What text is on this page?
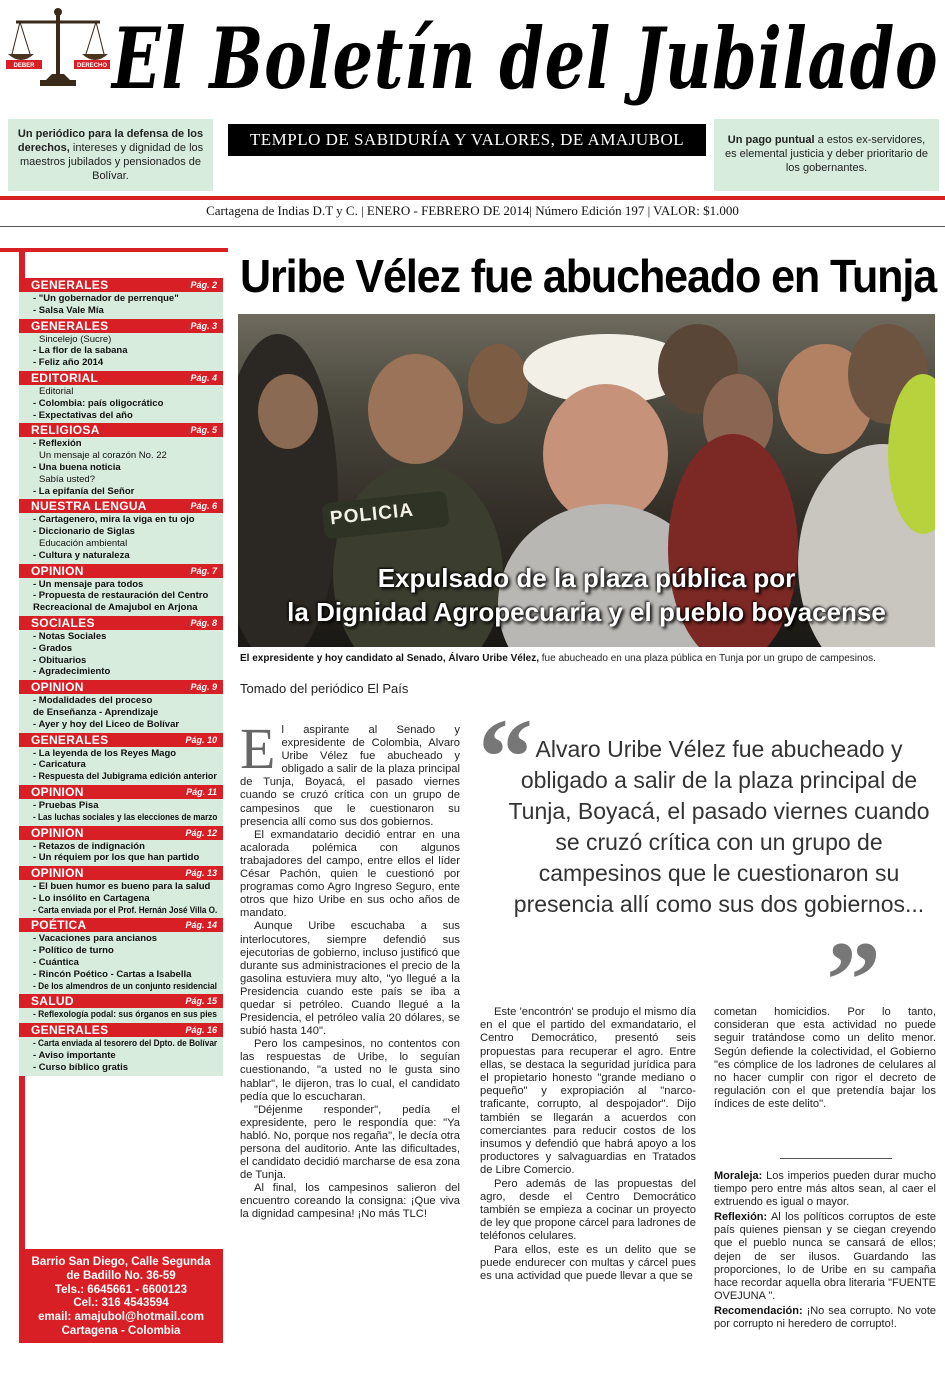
DEBER	DERECHO El Boletín del Jubilado
Un periódico para la defensa de los derechos, intereses y dignidad de los maestros jubilados y pensionados de Bolívar.
TEMPLO DE SABIDURÍA Y VALORES, DE AMAJUBOL	Un pago puntual a estos ex-servidores, es elemental justicia y deber prioritario de los gobernantes.
Cartagena de Indias D.T y C. | ENERO - FEBRERO DE 2014| Número Edición 197 | VALOR: $1.000
GENERALES	Pág. 2
- "Un gobernador de perrenque"
- Salsa Vale Mía
GENERALES	Pág. 3
Sincelejo (Sucre)
- La flor de la sabana
- Feliz año 2014
EDITORIAL	Pág. 4
Editorial
- Colombia: país oligocrático
- Expectativas del año
RELIGIOSA	Pág. 5
- Reflexión
Un mensaje al corazón No. 22
- Una buena noticia
Sabía usted?
- La epifanía del Señor
NUESTRA LENGUA	Pág. 6
- Cartagenero, mira la viga en tu ojo
- Diccionario de Siglas
Educación ambiental
- Cultura y naturaleza
OPINION	Pág. 7
- Un mensaje para todos
- Propuesta de restauración del Centro
Recreacional de Amajubol en Arjona
SOCIALES	Pág. 8
- Notas Sociales
- Grados
- Obituarios
- Agradecimiento
OPINION	Pág. 9
- Modalidades del proceso
de Enseñanza - Aprendizaje
- Ayer y hoy del Liceo de Bolívar
GENERALES	Pág. 10
- La leyenda de los Reyes Mago
- Caricatura
- Respuesta del Jubigrama edición anterior
OPINION	Pág. 11
- Pruebas Pisa
- Las luchas sociales y las elecciones de marzo
OPINION	Pág. 12
- Retazos de indignación
- Un réquiem por los que han partido
OPINION	Pág. 13
- El buen humor es bueno para la salud
- Lo insólito en Cartagena
- Carta enviada por el Prof. Hernán José Villa O.
POÉTICA	Pág. 14
- Vacaciones para ancianos
- Político de turno
- Cuántica
- Rincón Poético - Cartas a Isabella
- De los almendros de un conjunto residencial
SALUD	Pág. 15
- Reflexología podal: sus órganos en sus pies
GENERALES	Pág. 16
- Carta enviada al tesorero del Dpto. de Bolívar
- Aviso importante
- Curso bíblico gratis
Barrio San Diego, Calle Segunda
de Badillo No. 36-59
Tels.: 6645661 - 6600123
Cel.: 316 4543594
email: amajubol@hotmail.com
Cartagena - Colombia
Uribe Vélez fue abucheado en Tunja
POLICIA
Expulsado de la plaza pública por
la Dignidad Agropecuaria y el pueblo boyacense
El expresidente y hoy candidato al Senado, Álvaro Uribe Vélez, fue abucheado en una plaza pública en Tunja por un grupo de campesinos.
Tomado del periódico El País

El aspirante al Senado y expresidente de Colombia, Alvaro Uribe Vélez fue abucheado y obligado a salir de la plaza principal de Tunja, Boyacá, el pasado viernes cuando se cruzó crítica con un grupo de campesinos que le cuestionaron su presencia allí como sus dos gobiernos.

El exmandatario decidió entrar en una acalorada polémica con algunos trabajadores del campo, entre ellos el líder César Pachón, quien le cuestionó por programas como Agro Ingreso Seguro, ente otros que hizo Uribe en sus ocho años de mandato.

Aunque Uribe escuchaba a sus interlocutores, siempre defendió sus ejecutorias de gobierno, incluso justificó que durante sus administraciones el precio de la gasolina estuviera muy alto, "yo llegué a la Presidencia cuando este país se iba a quedar si petróleo. Cuando llegué a la Presidencia, el petróleo valía 20 dólares, se subió hasta 140".

Pero los campesinos, no contentos con las respuestas de Uribe, lo seguían cuestionando, "a usted no le gusta sino hablar", le dijeron, tras lo cual, el candidato pedía que lo escucharan.

"Déjenme responder", pedía el expresidente, pero le respondía que: "Ya habló. No, porque nos regaña", le decía otra persona del auditorio. Ante las dificultades, el candidato decidió marcharse de esa zona de Tunja.

Al final, los campesinos salieron del encuentro coreando la consigna: ¡Que viva la dignidad campesina! ¡No más TLC!

“ Alvaro Uribe Vélez fue abucheado y obligado a salir de la plaza principal de Tunja, Boyacá, el pasado viernes cuando se cruzó crítica con un grupo de campesinos que le cuestionaron su presencia allí como sus dos gobiernos...
”

Este 'encontrón' se produjo el mismo día en el que el partido del exmandatario, el Centro Democrático, presentó seis propuestas para recuperar el agro. Entre ellas, se destaca la seguridad jurídica para el propietario honesto "grande mediano o pequeño" y expropiación al "narco-traficante, corrupto, al despojador". Dijo también se llegarán a acuerdos con comerciantes para reducir costos de los insumos y defendió que habrá apoyo a los productores y salvaguardias en Tratados de Libre Comercio.

Pero además de las propuestas del agro, desde el Centro Democrático también se empieza a cocinar un proyecto de ley que propone cárcel para ladrones de teléfonos celulares.

Para ellos, este es un delito que se puede endurecer con multas y cárcel pues es una actividad que puede llevar a que se

cometan homicidios. Por lo tanto, consideran que esta actividad no puede seguir tratándose como un delito menor. Según defiende la colectividad, el Gobierno "es cómplice de los ladrones de celulares al no hacer cumplir con rigor el decreto de regulación con el que pretendía bajar los índices de este delito".

Moraleja: Los imperios pueden durar mucho tiempo pero entre más altos sean, al caer el extruendo es igual o mayor.

Reflexión: Al los políticos corruptos de este país quienes piensan y se ciegan creyendo que el pueblo nunca se cansará de ellos; dejen de ser ilusos. Guardando las proporciones, lo de Uribe en su campaña hace recordar aquella obra literaria "FUENTE OVEJUNA ".

Recomendación: ¡No sea corrupto. No vote por corrupto ni heredero de corrupto!.
